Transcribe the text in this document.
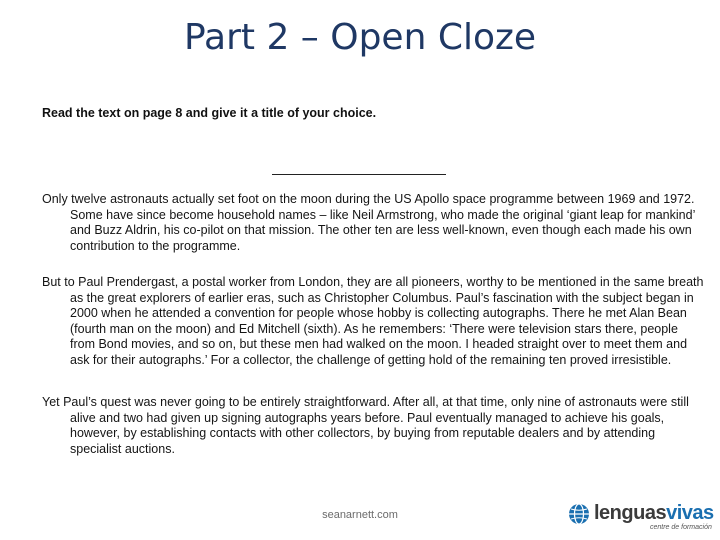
Part 2 – Open Cloze
Read the text on page 8 and give it a title of your choice.

Only twelve astronauts actually set foot on the moon during the US Apollo space programme between 1969 and 1972. Some have since become household names – like Neil Armstrong, who made the original ‘giant leap for mankind’ and Buzz Aldrin, his co-pilot on that mission. The other ten are less well-known, even though each made his own contribution to the programme.

But to Paul Prendergast, a postal worker from London, they are all pioneers, worthy to be mentioned in the same breath as the great explorers of earlier eras, such as Christopher Columbus. Paul’s fascination with the subject began in 2000 when he attended a convention for people whose hobby is collecting autographs. There he met Alan Bean (fourth man on the moon) and Ed Mitchell (sixth). As he remembers: ‘There were television stars there, people from Bond movies, and so on, but these men had walked on the moon. I headed straight over to meet them and ask for their autographs.’ For a collector, the challenge of getting hold of the remaining ten proved irresistible.

Yet Paul’s quest was never going to be entirely straightforward. After all, at that time, only nine of astronauts were still alive and two had given up signing autographs years before. Paul eventually managed to achieve his goals, however, by establishing contacts with other collectors, by buying from reputable dealers and by attending specialist auctions.

seanarnett.com	lenguasvivas
centre de formación
